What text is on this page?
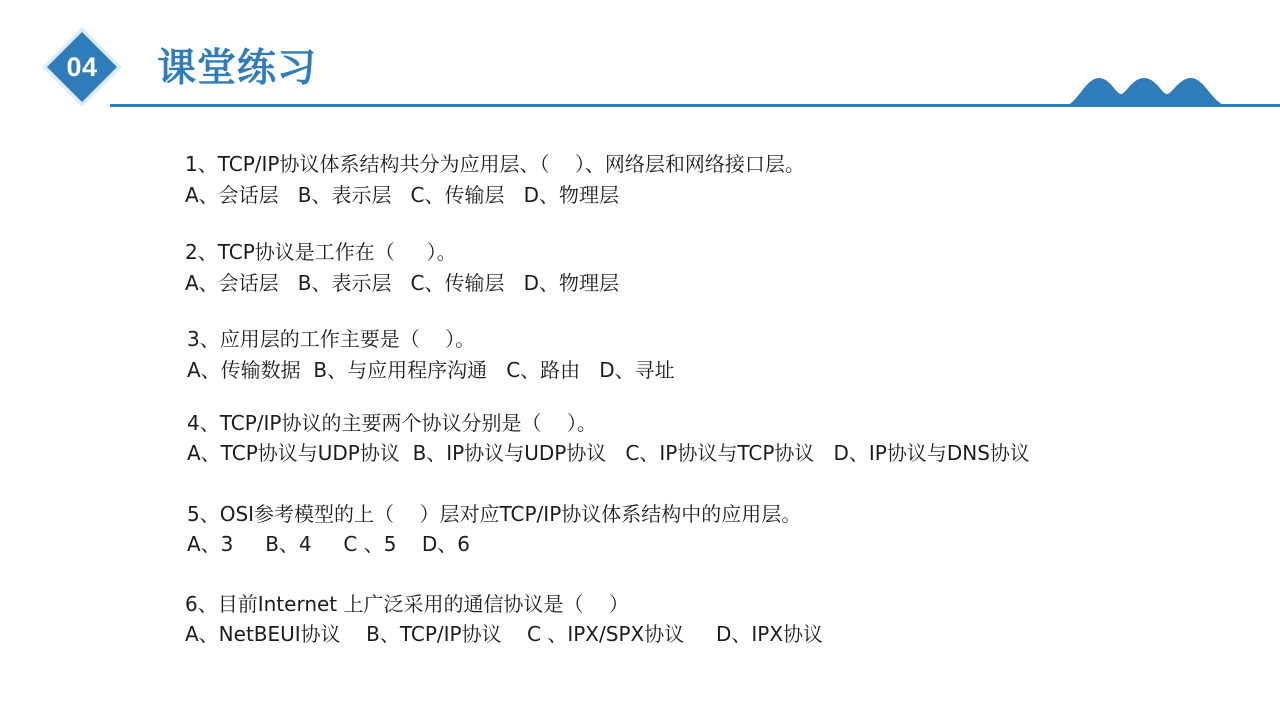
04	课堂练习
1、TCP/IP协议体系结构共分为应用层、（    ）、网络层和网络接口层。
A、会话层   B、表示层   C、传输层   D、物理层
2、TCP协议是工作在（     ）。
A、会话层   B、表示层   C、传输层   D、物理层
3、应用层的工作主要是（    ）。
A、传输数据  B、与应用程序沟通   C、路由   D、寻址
4、TCP/IP协议的主要两个协议分别是（    ）。
A、TCP协议与UDP协议  B、IP协议与UDP协议   C、IP协议与TCP协议   D、IP协议与DNS协议
5、OSI参考模型的上（    ）层对应TCP/IP协议体系结构中的应用层。
A、3     B、4     C 、5    D、6
6、目前Internet 上广泛采用的通信协议是（    ）
A、NetBEUI协议    B、TCP/IP协议    C 、IPX/SPX协议     D、IPX协议
